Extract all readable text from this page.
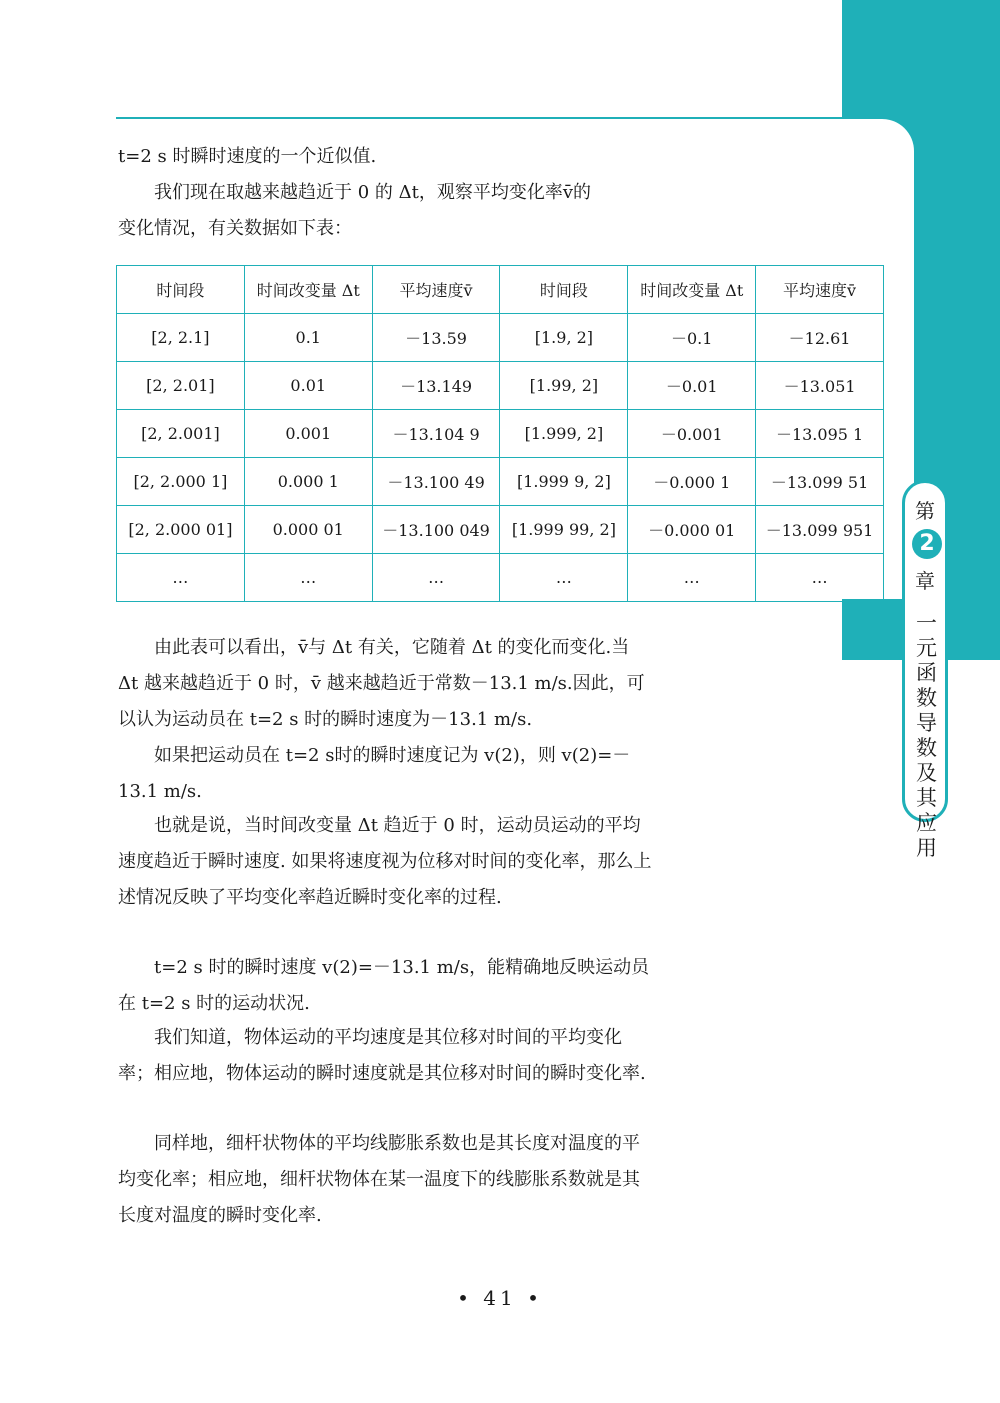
第
2
章
一元函数导数及其应用

t=2 s 时瞬时速度的一个近似值.

我们现在取越来越趋近于 0 的 Δt，观察平均变化率v̄的

变化情况，有关数据如下表：

时间段	时间改变量 Δt	平均速度v̄	时间段	时间改变量 Δt	平均速度v̄
[2, 2.1]	0.1	－13.59	[1.9, 2]	－0.1	－12.61
[2, 2.01]	0.01	－13.149	[1.99, 2]	－0.01	－13.051
[2, 2.001]	0.001	－13.104 9	[1.999, 2]	－0.001	－13.095 1
[2, 2.000 1]	0.000 1	－13.100 49	[1.999 9, 2]	－0.000 1	－13.099 51
[2, 2.000 01]	0.000 01	－13.100 049	[1.999 99, 2]	－0.000 01	－13.099 951
…	…	…	…	…	…

由此表可以看出，v̄与 Δt 有关，它随着 Δt 的变化而变化.当 Δt 越来越趋近于 0 时，v̄ 越来越趋近于常数－13.1 m/s.因此，可以认为运动员在 t=2 s 时的瞬时速度为－13.1 m/s.

如果把运动员在 t=2 s时的瞬时速度记为 v(2)，则 v(2)=－13.1 m/s.

也就是说，当时间改变量 Δt 趋近于 0 时，运动员运动的平均速度趋近于瞬时速度. 如果将速度视为位移对时间的变化率，那么上述情况反映了平均变化率趋近瞬时变化率的过程.

t=2 s 时的瞬时速度 v(2)=－13.1 m/s，能精确地反映运动员在 t=2 s 时的运动状况.

我们知道，物体运动的平均速度是其位移对时间的平均变化率；相应地，物体运动的瞬时速度就是其位移对时间的瞬时变化率.

同样地，细杆状物体的平均线膨胀系数也是其长度对温度的平均变化率；相应地，细杆状物体在某一温度下的线膨胀系数就是其长度对温度的瞬时变化率.

• 41 •
